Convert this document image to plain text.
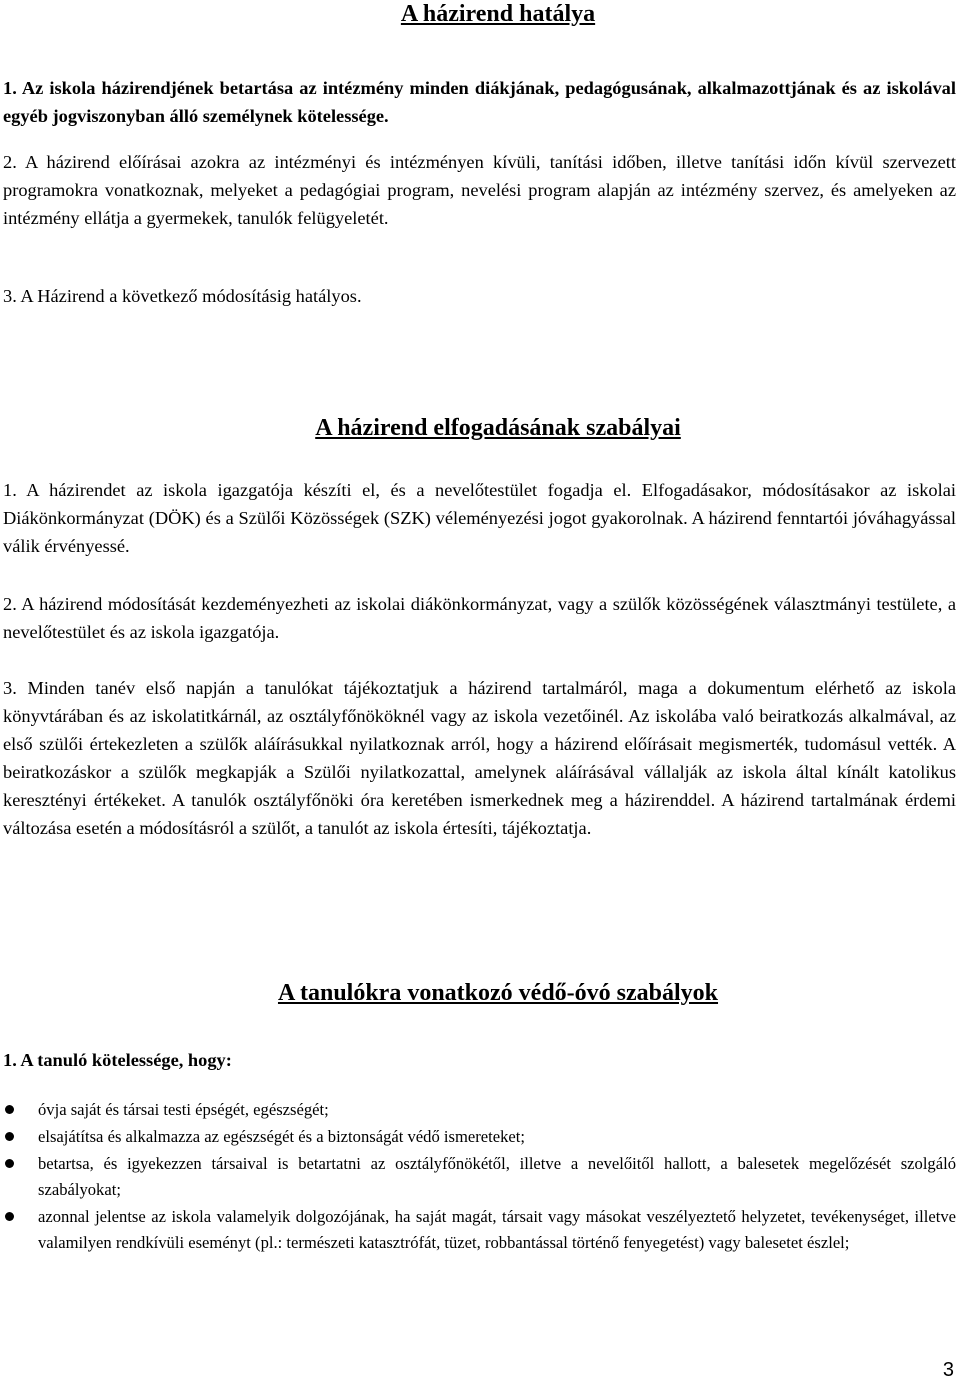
A házirend hatálya

1. Az iskola házirendjének betartása az intézmény minden diákjának, pedagógusának, alkalmazottjának és az iskolával egyéb jogviszonyban álló személynek kötelessége.

2. A házirend előírásai azokra az intézményi és intézményen kívüli, tanítási időben, illetve tanítási időn kívül szervezett programokra vonatkoznak, melyeket a pedagógiai program, nevelési program alapján az intézmény szervez, és amelyeken az intézmény ellátja a gyermekek, tanulók felügyeletét.

3. A Házirend a következő módosításig hatályos.

A házirend elfogadásának szabályai

1. A házirendet az iskola igazgatója készíti el, és a nevelőtestület fogadja el. Elfogadásakor, módosításakor az iskolai Diákönkormányzat (DÖK) és a Szülői Közösségek (SZK) véleményezési jogot gyakorolnak. A házirend fenntartói jóváhagyással válik érvényessé.

2. A házirend módosítását kezdeményezheti az iskolai diákönkormányzat, vagy a szülők közösségének választmányi testülete, a nevelőtestület és az iskola igazgatója.

3. Minden tanév első napján a tanulókat tájékoztatjuk a házirend tartalmáról, maga a dokumentum elérhető az iskola könyvtárában és az iskolatitkárnál, az osztályfőnököknél vagy az iskola vezetőinél. Az iskolába való beiratkozás alkalmával, az első szülői értekezleten a szülők aláírásukkal nyilatkoznak arról, hogy a házirend előírásait megismerték, tudomásul vették. A beiratkozáskor a szülők megkapják a Szülői nyilatkozattal, amelynek aláírásával vállalják az iskola által kínált katolikus keresztényi értékeket. A tanulók osztályfőnöki óra keretében ismerkednek meg a házirenddel. A házirend tartalmának érdemi változása esetén a módosításról a szülőt, a tanulót az iskola értesíti, tájékoztatja.

A tanulókra vonatkozó védő-óvó szabályok

1. A tanuló kötelessége, hogy:

óvja saját és társai testi épségét, egészségét;
elsajátítsa és alkalmazza az egészségét és a biztonságát védő ismereteket;
betartsa, és igyekezzen társaival is betartatni az osztályfőnökétől, illetve a nevelőitől hallott, a balesetek megelőzését szolgáló szabályokat;
azonnal jelentse az iskola valamelyik dolgozójának, ha saját magát, társait vagy másokat veszélyeztető helyzetet, tevékenységet, illetve valamilyen rendkívüli eseményt (pl.: természeti katasztrófát, tüzet, robbantással történő fenyegetést) vagy balesetet észlel;
3
